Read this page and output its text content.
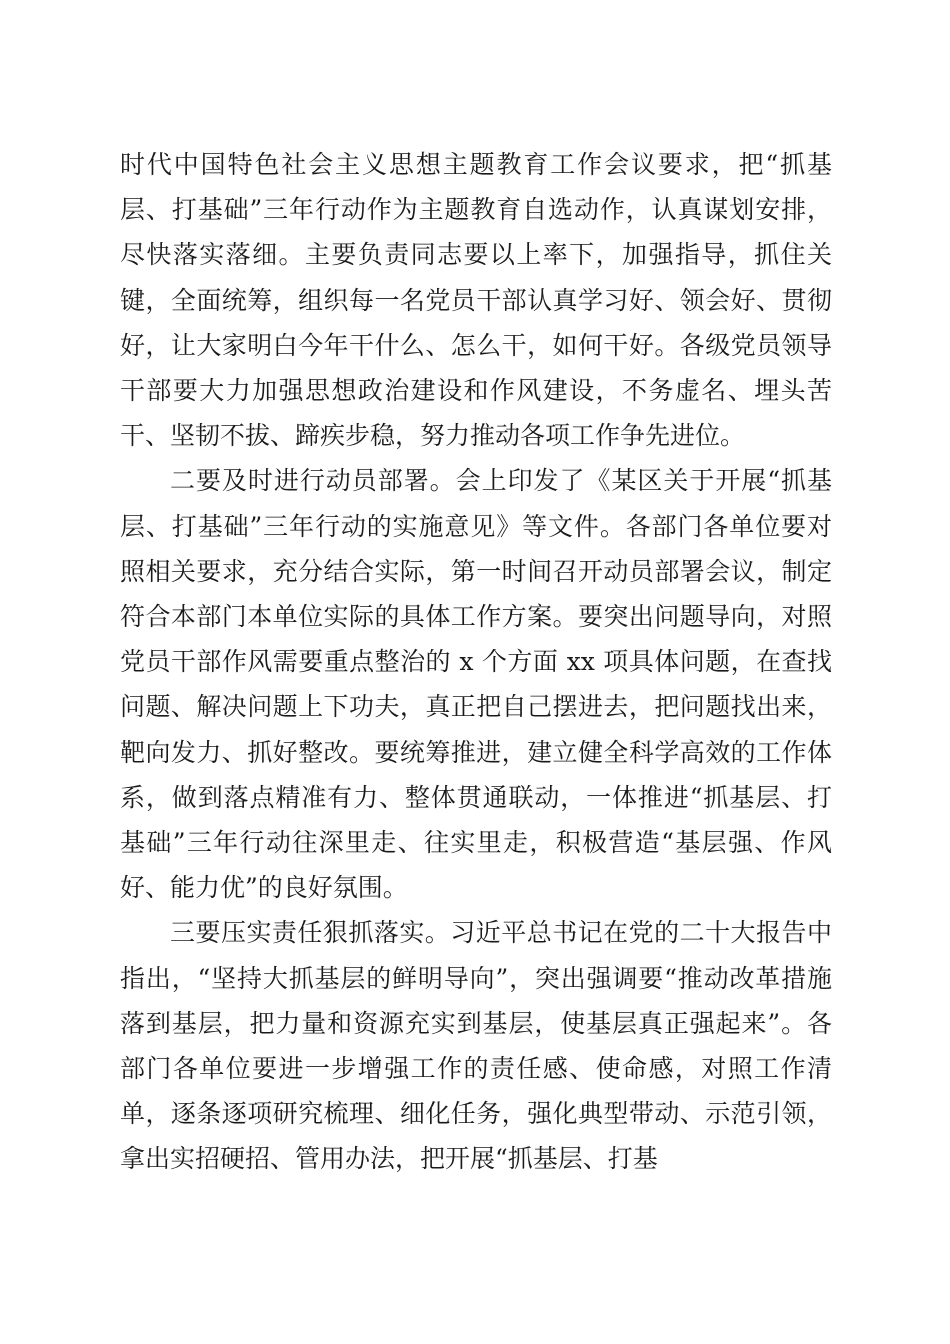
时代中国特色社会主义思想主题教育工作会议要求，把“抓基层、打基础”三年行动作为主题教育自选动作，认真谋划安排，尽快落实落细。主要负责同志要以上率下，加强指导，抓住关键，全面统筹，组织每一名党员干部认真学习好、领会好、贯彻好，让大家明白今年干什么、怎么干，如何干好。各级党员领导干部要大力加强思想政治建设和作风建设，不务虚名、埋头苦干、坚韧不拔、蹄疾步稳，努力推动各项工作争先进位。

二要及时进行动员部署。会上印发了《某区关于开展“抓基层、打基础”三年行动的实施意见》等文件。各部门各单位要对照相关要求，充分结合实际，第一时间召开动员部署会议，制定符合本部门本单位实际的具体工作方案。要突出问题导向，对照党员干部作风需要重点整治的 x 个方面 xx 项具体问题，在查找问题、解决问题上下功夫，真正把自己摆进去，把问题找出来，靶向发力、抓好整改。要统筹推进，建立健全科学高效的工作体系，做到落点精准有力、整体贯通联动，一体推进“抓基层、打基础”三年行动往深里走、往实里走，积极营造“基层强、作风好、能力优”的良好氛围。

三要压实责任狠抓落实。习近平总书记在党的二十大报告中指出，“坚持大抓基层的鲜明导向”，突出强调要“推动改革措施落到基层，把力量和资源充实到基层，使基层真正强起来”。各部门各单位要进一步增强工作的责任感、使命感，对照工作清单，逐条逐项研究梳理、细化任务，强化典型带动、示范引领，拿出实招硬招、管用办法，把开展“抓基层、打基
